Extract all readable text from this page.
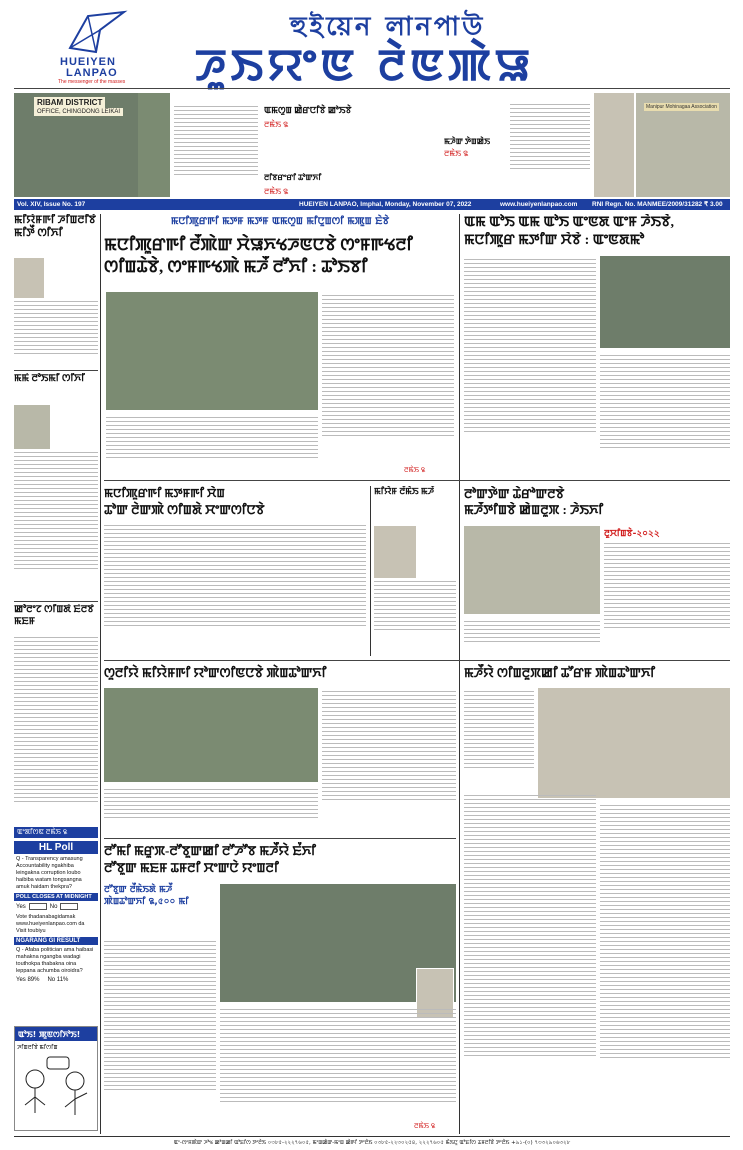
HUEIYEN
LANPAO
The messenger of the masses
হুইয়েন লানপাউ
ꯍꯨꯏꯌꯦꯟ ꯂꯥꯟꯄꯥꯎ
RIBAM DISTRICT
OFFICE, CHINGDONG LEIKAI	ꯑꯃꯁꯨꯡ ꯀꯥꯔꯅꯤꯕꯥ ꯀꯣꯏꯕꯥ
ꯂꯃꯥꯏ ꯲
ꯃꯍꯥꯛ ꯇꯥꯡꯀꯥꯏ
ꯂꯃꯥꯏ ꯲
ꯂꯤꯕꯔꯦꯔꯤ ꯊꯣꯛꯈꯤ
ꯂꯃꯥꯏ ꯲
Manipur Mohinagaa Association
Vol. XIV, Issue No. 197	HUEIYEN LANPAO, Imphal, Monday, November 07, 2022	www.hueiyenlanpao.com RNI Regn. No. MANMEE/2009/31282 ₹ 3.00
ꯃꯤꯌꯥꯝꯒꯤ ꯍꯤꯡꯂꯤꯕꯥ ꯃꯤꯇꯩ ꯁꯤꯈꯤ
ꯃꯃꯥ ꯂꯣꯏꯃꯤ ꯁꯤꯈꯤ
ꯀꯣꯂꯦꯖ ꯁꯤꯡꯗꯥ ꯐꯪꯂꯕꯥ ꯃꯐꯝ
ꯑꯦꯗꯤꯁꯟ ꯂꯃꯥꯏ ꯲
HL Poll
Q - Transparency amasung Accountability ngakhiba leingakna corruption loubo haibiba watam tongsangna amuk haidam thekpra?
POLL CLOSES AT MIDNIGHT
Yes	No
Vote thadanabagidamak www.hueiyenlanpao.com da Visit toubiyu
NGARANG GI RESULT
Q - Afaba politician ama haibasi mahakna ngangba wadagi touthokpa thabakna oina leppana achumba oiroidra?
Yes 89% No 11%
ꯑꯣꯏ! ꯄꯨꯟꯁꯤꯈꯣꯏ!
ꯍꯤꯡꯂꯤꯕꯥ ꯃꯤꯁꯤꯡ
ꯃꯅꯤꯄꯨꯔꯒꯤ ꯃꯇꯝ ꯃꯇꯝ ꯑꯃꯁꯨꯡ ꯃꯤꯅꯨꯡꯁꯤ ꯃꯄꯨꯡ ꯐꯥꯕꯥ
ꯃꯅꯤꯄꯨꯔꯒꯤ ꯂꯩꯄꯥꯛ ꯆꯥꯎꯈꯠꯍꯟꯅꯕꯥ ꯁꯦꯝꯒꯠꯂꯤ
ꯁꯤꯡꯊꯥꯕꯥ, ꯁꯦꯝꯒꯠꯄꯥ ꯃꯍꯩ ꯂꯧꯈꯤ : ꯊꯣꯏꯕꯤ
ꯂꯃꯥꯏ ꯲
ꯑꯃ ꯑꯣꯏ ꯑꯃ ꯑꯣꯏ ꯑꯦꯟꯗ ꯑꯦꯝ ꯍꯥꯏꯕꯥ,
ꯃꯅꯤꯄꯨꯔ ꯃꯇꯤꯛ ꯆꯥꯕꯥ : ꯑꯦꯟꯗꯃꯣ
ꯃꯅꯤꯄꯨꯔꯒꯤ ꯃꯇꯝꯒꯤ ꯆꯥꯡ
ꯊꯣꯛ ꯂꯥꯛꯄꯥ ꯁꯤꯡꯗꯥ ꯆꯦꯛꯁꯤꯅꯕꯥ
ꯃꯤꯌꯥꯝ ꯂꯩꯃꯥꯏ ꯃꯍꯩ	ꯂꯣꯛꯇꯥꯛ ꯊꯥꯔꯣꯛꯂꯕꯥ
ꯃꯍꯩꯇꯤꯡꯕꯥ ꯀꯥꯡꯂꯨꯞ : ꯍꯥꯏꯈꯤ
ꯂꯨꯆꯤꯡꯕꯥ-২০২২
ꯁꯨꯂꯤꯌꯥ ꯃꯤꯌꯥꯝꯒꯤ ꯌꯣꯛꯁꯤꯟꯅꯕꯥ ꯄꯥꯡꯊꯣꯛꯈꯤ	ꯃꯍꯩꯌꯥ ꯁꯤꯡꯂꯨꯞꯀꯤ ꯊꯧꯔꯝ ꯄꯥꯡꯊꯣꯛꯈꯤ
ꯂꯧꯃꯤ ꯃꯔꯨꯞ-ꯂꯧꯕꯨꯛꯀꯤ ꯂꯧꯍꯧꯕ ꯃꯍꯩꯌꯥ ꯐꯪꯈꯤ
ꯂꯧꯕꯨꯛ ꯃꯐꯝ ꯊꯝꯂꯤ ꯆꯦꯛꯅꯥ ꯌꯦꯡꯂꯤ
ꯂꯧꯕꯨꯛ ꯂꯩꯃꯥꯏꯗꯥ ꯃꯍꯩ ꯄꯥꯡꯊꯣꯛꯈꯤ ꯲,৫০০ ꯃꯤ
ꯂꯃꯥꯏ ꯲
ꯑꯦ-ꯁꯦꯝꯄꯥꯛ ꯍꯣꯠ ꯀꯣꯡꯀꯤ ꯑꯣꯐꯤꯁ ꯇꯦꯂꯥꯏ ০৩৮৫-২২২৭৬০৫, ꯃꯦꯡꯀꯥꯛ-ꯃꯦꯡ ꯀꯥꯒꯤ ꯇꯦꯂꯥꯏ ০৩৮৫-২২৩০২৫৪, ২২২৭৬০৫ ꯃꯥꯏꯅꯨ ꯑꯣꯐꯤꯁ ꯊꯝꯂꯤꯕꯥ ꯇꯦꯂꯥꯏ +৯১-(০) ৭৩৩২৯০৬৩২৮
